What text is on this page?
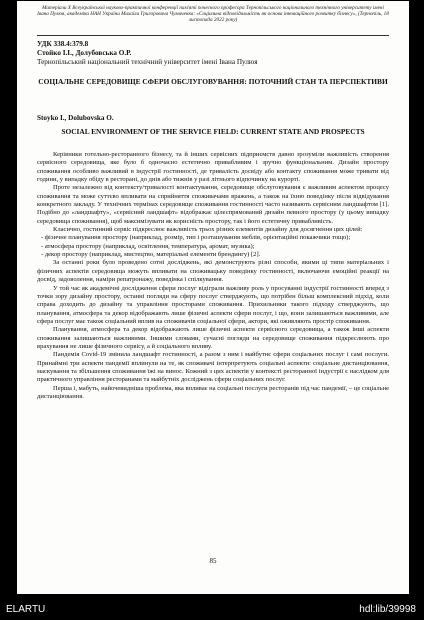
Матеріали X Всеукраїнської науково-практичної конференції пам'яті почесного професора Тернопільського національного технічного університету імені Івана Пулюя, академіка НАН України Михаїла Григоровича Чумаченка: «Соціальна відповідальність як основа інноваційного розвитку бізнесу», (Тернопіль, 18 листопада 2022 року)
УДК 338.4:379.8
Стойко І.І., Долубовська О.Р.
Тернопільський національний технічний університет імені Івана Пулюя
СОЦІАЛЬНЕ СЕРЕДОВИЩЕ СФЕРИ ОБСЛУГОВУВАННЯ: ПОТОЧНИЙ СТАН ТА ПЕРСПЕКТИВИ
Stoyko I., Dolubovska O.
SOCIAL ENVIRONMENT OF THE SERVICE FIELD: CURRENT STATE AND PROSPECTS

Керівники готельно-ресторанного бізнесу, та й інших сервісних підприємств давно зрозуміли важливість створення сервісного середовища, яке було б одночасно естетично привабливим і зручно функціональним. Дизайн простору споживання особливо важливий в індустрії гостинності, де тривалість досвіду або контакту споживання може тривати від години, у випадку обіду в ресторані, до днів або тижнів у разі літнього відпочинку на курорті.

Проте незалежно від контексту/тривалості контактування, середовище обслуговування є важливим аспектом процесу споживання та може суттєво впливати на сприйняття споживачами вражень, а також на їхню поведінку після відвідування конкретного закладу. У технічних термінах середовище споживання гостинності часто називають сервісним ландшафтом [1]. Подібно до «ландшафту», «сервісний ландшафт» відображає цілеспрямований дизайн певного простору (у цьому випадку середовища споживання), щоб максимізувати як корисність простору, так і його естетичну привабливість.

Класично, гостинний сервіс підкреслює важливість трьох різних елементів дизайну для досягнення цих цілей:

- фізичне планування простору (наприклад, розмір, тип і розташування меблів, орієнтаційні покажчики тощо);

- атмосфера простору (наприклад, освітлення, температура, аромат, музика);

- декор простору (наприклад, мистецтво, матеріальні елементи брендингу) [2].

За останні роки було проведено сотні досліджень, які демонструють різні способи, якими ці типи матеріальних і фізичних аспектів середовища можуть впливати на споживацьку поведінку гостинності, включаючи емоційні реакції на досвід, задоволення, наміри репатронажу, поведінка і спілкування.

У той час як академічні дослідження сфери послуг відіграли важливу роль у просуванні індустрії гостинності вперед з точки зору дизайну простору, останні погляди на сферу послуг стверджують, що потрібен більш комплексний підхід, коли справа доходить до дизайну та управління просторами споживання. Прихильники такого підходу стверджують, що планування, атмосфера та декор відображають лише фізичні аспекти сфери послуг, і що, вони залишаються важливими, але сфера послуг має також соціальний вплив на споживачів соціальної сфери, актори, які оживляють простір споживання.

Планування, атмосфера та декор відображають лише фізичні аспекти сервісного середовища, а також інші аспекти споживання залишаються важливими. Іншими словами, сучасні погляди на середовище споживання підкреслюють про врахування не лише фізичного сервісу, а й соціального впливу.

Пандемія Covid-19 змінила ландшафт гостинності, а разом з ним і майбутнє сфери соціальних послуг і самі послуги. Принаймні три аспекти пандемії вплинули на те, як споживачі інтерпретують соціальні аспекти: соціальне дистанціювання, маскування та збільшення споживання їжі на винос. Кожний з цих аспектів у контексті ресторанної індустрії є наслідком для практичного управління ресторанами та майбутніх досліджень сфери соціальних послуг.

Перша і, мабуть, найочевидніша проблема, яка впливає на соціальні послуги ресторанів під час пандемії, – це соціальне дистанціювання.

85
ELARTU	hdl:lib/39998
